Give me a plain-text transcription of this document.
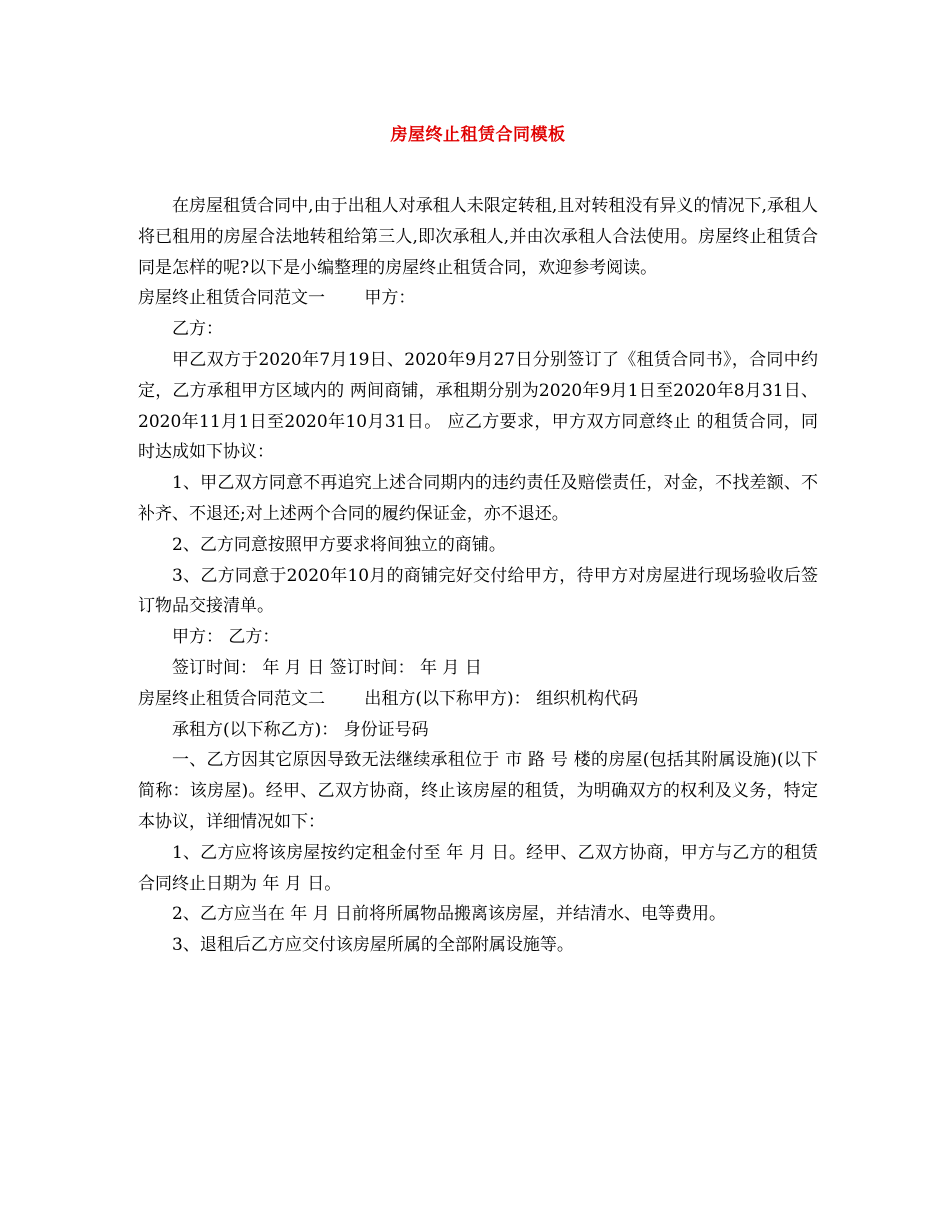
房屋终止租赁合同模板

在房屋租赁合同中,由于出租人对承租人未限定转租,且对转租没有异义的情况下,承租人将已租用的房屋合法地转租给第三人,即次承租人,并由次承租人合法使用。房屋终止租赁合同是怎样的呢?以下是小编整理的房屋终止租赁合同，欢迎参考阅读。

房屋终止租赁合同范文一　　 甲方：

乙方：

甲乙双方于2020年7月19日、2020年9月27日分别签订了《租赁合同书》，合同中约定，乙方承租甲方区域内的 两间商铺，承租期分别为2020年9月1日至2020年8月31日、2020年11月1日至2020年10月31日。 应乙方要求，甲方双方同意终止 的租赁合同，同时达成如下协议：

1、甲乙双方同意不再追究上述合同期内的违约责任及赔偿责任，对金，不找差额、不补齐、不退还;对上述两个合同的履约保证金，亦不退还。

2、乙方同意按照甲方要求将间独立的商铺。

3、乙方同意于2020年10月的商铺完好交付给甲方，待甲方对房屋进行现场验收后签订物品交接清单。

甲方： 乙方：

签订时间： 年 月 日 签订时间： 年 月 日

房屋终止租赁合同范文二　　 出租方(以下称甲方)： 组织机构代码

承租方(以下称乙方)： 身份证号码

一、乙方因其它原因导致无法继续承租位于 市 路 号 楼的房屋(包括其附属设施)(以下简称：该房屋)。经甲、乙双方协商，终止该房屋的租赁，为明确双方的权利及义务，特定本协议，详细情况如下：

1、乙方应将该房屋按约定租金付至 年 月 日。经甲、乙双方协商，甲方与乙方的租赁合同终止日期为 年 月 日。

2、乙方应当在 年 月 日前将所属物品搬离该房屋，并结清水、电等费用。

3、退租后乙方应交付该房屋所属的全部附属设施等。
